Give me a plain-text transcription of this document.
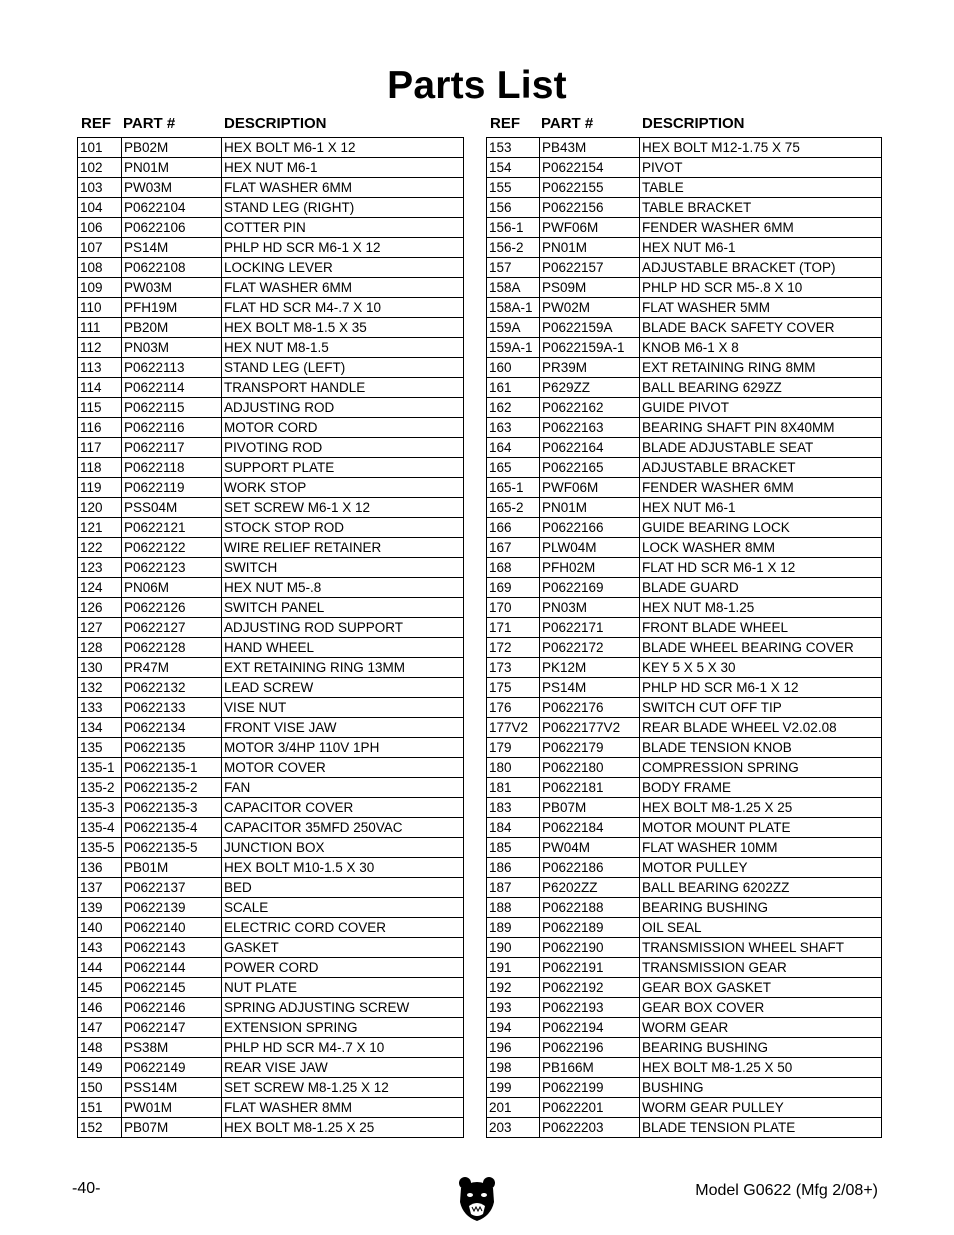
Parts List
REF PART #	DESCRIPTION
101	PB02M	HEX BOLT M6-1 X 12
102	PN01M	HEX NUT M6-1
103	PW03M	FLAT WASHER 6MM
104	P0622104	STAND LEG (RIGHT)
106	P0622106	COTTER PIN
107	PS14M	PHLP HD SCR M6-1 X 12
108	P0622108	LOCKING LEVER
109	PW03M	FLAT WASHER 6MM
110	PFH19M	FLAT HD SCR M4-.7 X 10
111	PB20M	HEX BOLT M8-1.5 X 35
112	PN03M	HEX NUT M8-1.5
113	P0622113	STAND LEG (LEFT)
114	P0622114	TRANSPORT HANDLE
115	P0622115	ADJUSTING ROD
116	P0622116	MOTOR CORD
117	P0622117	PIVOTING ROD
118	P0622118	SUPPORT PLATE
119	P0622119	WORK STOP
120	PSS04M	SET SCREW M6-1 X 12
121	P0622121	STOCK STOP ROD
122	P0622122	WIRE RELIEF RETAINER
123	P0622123	SWITCH
124	PN06M	HEX NUT M5-.8
126	P0622126	SWITCH PANEL
127	P0622127	ADJUSTING ROD SUPPORT
128	P0622128	HAND WHEEL
130	PR47M	EXT RETAINING RING 13MM
132	P0622132	LEAD SCREW
133	P0622133	VISE NUT
134	P0622134	FRONT VISE JAW
135	P0622135	MOTOR 3/4HP 110V 1PH
135-1	P0622135-1	MOTOR COVER
135-2	P0622135-2	FAN
135-3	P0622135-3	CAPACITOR COVER
135-4	P0622135-4	CAPACITOR 35MFD 250VAC
135-5	P0622135-5	JUNCTION BOX
136	PB01M	HEX BOLT M10-1.5 X 30
137	P0622137	BED
139	P0622139	SCALE
140	P0622140	ELECTRIC CORD COVER
143	P0622143	GASKET
144	P0622144	POWER CORD
145	P0622145	NUT PLATE
146	P0622146	SPRING ADJUSTING SCREW
147	P0622147	EXTENSION SPRING
148	PS38M	PHLP HD SCR M4-.7 X 10
149	P0622149	REAR VISE JAW
150	PSS14M	SET SCREW M8-1.25 X 12
151	PW01M	FLAT WASHER 8MM
152	PB07M	HEX BOLT M8-1.25 X 25
REF PART #	DESCRIPTION
153	PB43M	HEX BOLT M12-1.75 X 75
154	P0622154	PIVOT
155	P0622155	TABLE
156	P0622156	TABLE BRACKET
156-1	PWF06M	FENDER WASHER 6MM
156-2	PN01M	HEX NUT M6-1
157	P0622157	ADJUSTABLE BRACKET (TOP)
158A	PS09M	PHLP HD SCR M5-.8 X 10
158A-1	PW02M	FLAT WASHER 5MM
159A	P0622159A	BLADE BACK SAFETY COVER
159A-1	P0622159A-1	KNOB M6-1 X 8
160	PR39M	EXT RETAINING RING 8MM
161	P629ZZ	BALL BEARING 629ZZ
162	P0622162	GUIDE PIVOT
163	P0622163	BEARING SHAFT PIN 8X40MM
164	P0622164	BLADE ADJUSTABLE SEAT
165	P0622165	ADJUSTABLE BRACKET
165-1	PWF06M	FENDER WASHER 6MM
165-2	PN01M	HEX NUT M6-1
166	P0622166	GUIDE BEARING LOCK
167	PLW04M	LOCK WASHER 8MM
168	PFH02M	FLAT HD SCR M6-1 X 12
169	P0622169	BLADE GUARD
170	PN03M	HEX NUT M8-1.25
171	P0622171	FRONT BLADE WHEEL
172	P0622172	BLADE WHEEL BEARING COVER
173	PK12M	KEY 5 X 5 X 30
175	PS14M	PHLP HD SCR M6-1 X 12
176	P0622176	SWITCH CUT OFF TIP
177V2	P0622177V2	REAR BLADE WHEEL V2.02.08
179	P0622179	BLADE TENSION KNOB
180	P0622180	COMPRESSION SPRING
181	P0622181	BODY FRAME
183	PB07M	HEX BOLT M8-1.25 X 25
184	P0622184	MOTOR MOUNT PLATE
185	PW04M	FLAT WASHER 10MM
186	P0622186	MOTOR PULLEY
187	P6202ZZ	BALL BEARING 6202ZZ
188	P0622188	BEARING BUSHING
189	P0622189	OIL SEAL
190	P0622190	TRANSMISSION WHEEL SHAFT
191	P0622191	TRANSMISSION GEAR
192	P0622192	GEAR BOX GASKET
193	P0622193	GEAR BOX COVER
194	P0622194	WORM GEAR
196	P0622196	BEARING BUSHING
198	PB166M	HEX BOLT M8-1.25 X 50
199	P0622199	BUSHING
201	P0622201	WORM GEAR PULLEY
203	P0622203	BLADE TENSION PLATE
-40-	Model G0622 (Mfg 2/08+)
